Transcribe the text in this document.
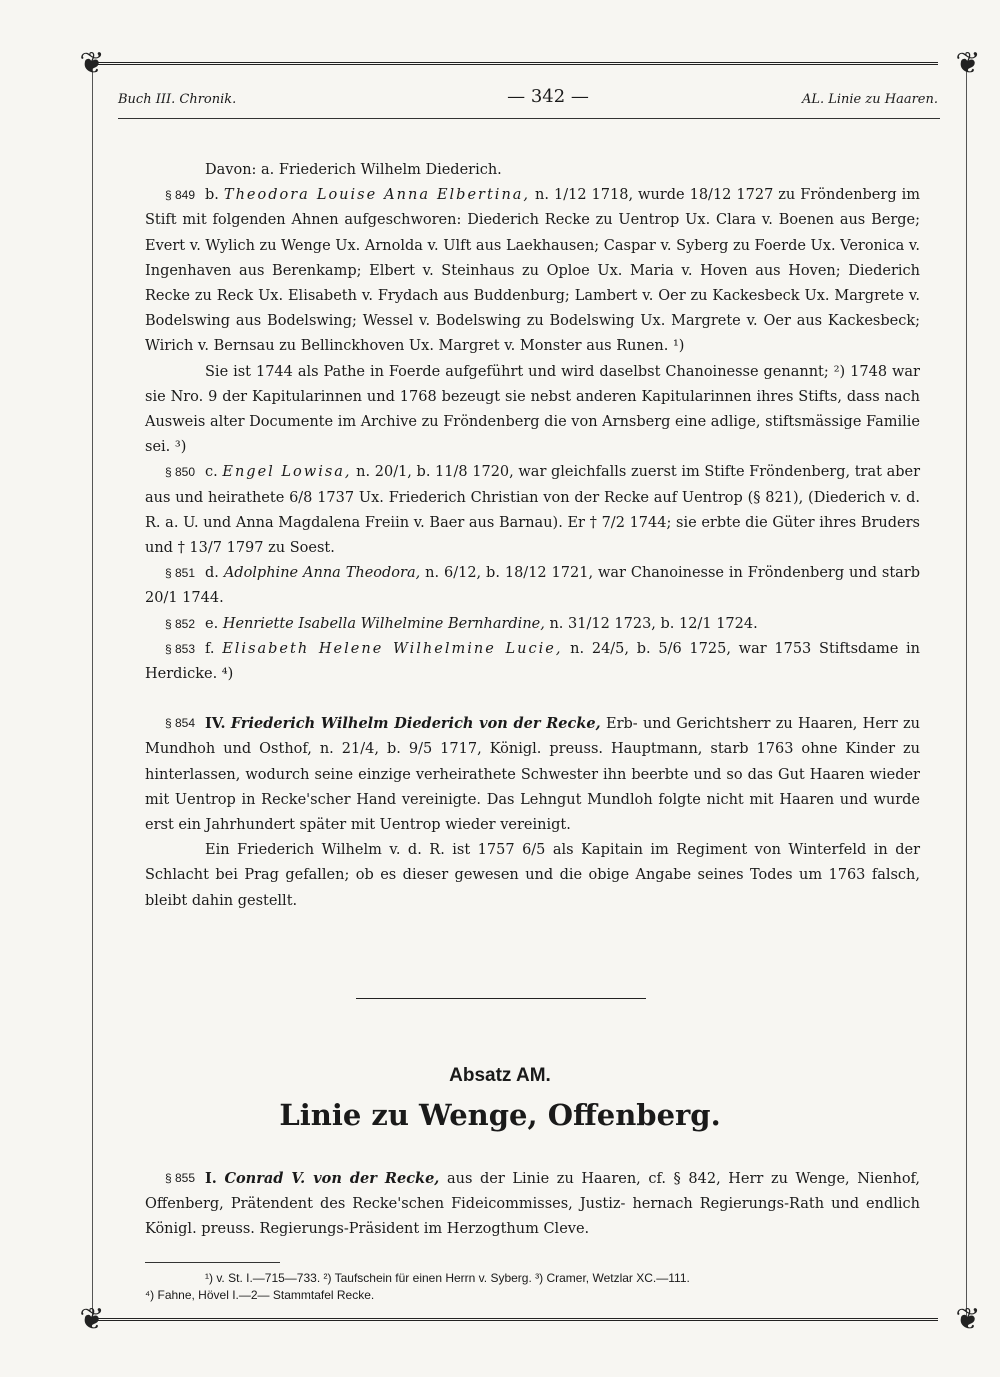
❦	❦
❦	❦
Buch III. Chronik.	— 342 —	AL. Linie zu Haaren.

Davon: a. Friederich Wilhelm Diederich.

§ 849 b. Theodora Louise Anna Elbertina, n. 1/12 1718, wurde 18/12 1727 zu Fröndenberg im Stift mit folgenden Ahnen aufgeschworen: Diederich Recke zu Uentrop Ux. Clara v. Boenen aus Berge; Evert v. Wylich zu Wenge Ux. Arnolda v. Ulft aus Laekhausen; Caspar v. Syberg zu Foerde Ux. Veronica v. Ingenhaven aus Berenkamp; Elbert v. Steinhaus zu Oploe Ux. Maria v. Hoven aus Hoven; Diederich Recke zu Reck Ux. Elisabeth v. Frydach aus Buddenburg; Lambert v. Oer zu Kackesbeck Ux. Margrete v. Bodelswing aus Bodelswing; Wessel v. Bodelswing zu Bodelswing Ux. Margrete v. Oer aus Kackesbeck; Wirich v. Bernsau zu Bellinckhoven Ux. Margret v. Monster aus Runen. ¹)

Sie ist 1744 als Pathe in Foerde aufgeführt und wird daselbst Chanoinesse genannt; ²) 1748 war sie Nro. 9 der Kapitularinnen und 1768 bezeugt sie nebst anderen Kapitularinnen ihres Stifts, dass nach Ausweis alter Documente im Archive zu Fröndenberg die von Arnsberg eine adlige, stiftsmässige Familie sei. ³)

§ 850 c. Engel Lowisa, n. 20/1, b. 11/8 1720, war gleichfalls zuerst im Stifte Fröndenberg, trat aber aus und heirathete 6/8 1737 Ux. Friederich Christian von der Recke auf Uentrop (§ 821), (Diederich v. d. R. a. U. und Anna Magdalena Freiin v. Baer aus Barnau). Er † 7/2 1744; sie erbte die Güter ihres Bruders und † 13/7 1797 zu Soest.

§ 851 d. Adolphine Anna Theodora, n. 6/12, b. 18/12 1721, war Chanoinesse in Fröndenberg und starb 20/1 1744.

§ 852 e. Henriette Isabella Wilhelmine Bernhardine, n. 31/12 1723, b. 12/1 1724.

§ 853 f. Elisabeth Helene Wilhelmine Lucie, n. 24/5, b. 5/6 1725, war 1753 Stiftsdame in Herdicke. ⁴)

§ 854 IV. Friederich Wilhelm Diederich von der Recke, Erb- und Gerichtsherr zu Haaren, Herr zu Mundhoh und Osthof, n. 21/4, b. 9/5 1717, Königl. preuss. Hauptmann, starb 1763 ohne Kinder zu hinterlassen, wodurch seine einzige verheirathete Schwester ihn beerbte und so das Gut Haaren wieder mit Uentrop in Recke'scher Hand vereinigte. Das Lehngut Mundloh folgte nicht mit Haaren und wurde erst ein Jahrhundert später mit Uentrop wieder vereinigt.

Ein Friederich Wilhelm v. d. R. ist 1757 6/5 als Kapitain im Regiment von Winterfeld in der Schlacht bei Prag gefallen; ob es dieser gewesen und die obige Angabe seines Todes um 1763 falsch, bleibt dahin gestellt.

Absatz AM.
Linie zu Wenge, Offenberg.

§ 855 I. Conrad V. von der Recke, aus der Linie zu Haaren, cf. § 842, Herr zu Wenge, Nienhof, Offenberg, Prätendent des Recke'schen Fideicommisses, Justiz- hernach Regierungs-Rath und endlich Königl. preuss. Regierungs-Präsident im Herzogthum Cleve.

¹) v. St. I.—715—733. ²) Taufschein für einen Herrn v. Syberg. ³) Cramer, Wetzlar XC.—111.
⁴) Fahne, Hövel I.—2— Stammtafel Recke.
